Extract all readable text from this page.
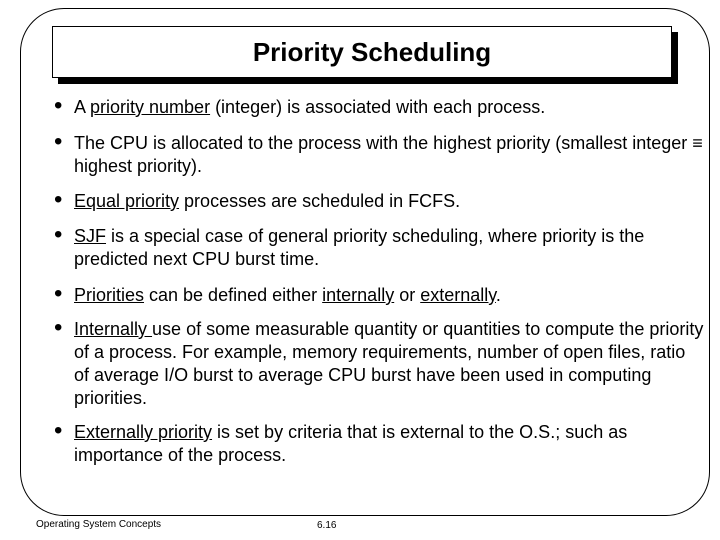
Priority Scheduling
• A priority number (integer) is associated with each process.
• The CPU is allocated to the process with the highest priority (smallest integer ≡ highest priority).
• Equal priority processes are scheduled in FCFS.
• SJF is a special case of general priority scheduling, where priority is the predicted next CPU burst time.
• Priorities can be defined either internally or externally.
• Internally use of some measurable quantity or quantities to compute the priority of a process. For example, memory requirements, number of open files, ratio of average I/O burst to average CPU burst have been used in computing priorities.
• Externally priority is set by criteria that is external to the O.S.; such as importance of the process.
Operating System Concepts	6.16
